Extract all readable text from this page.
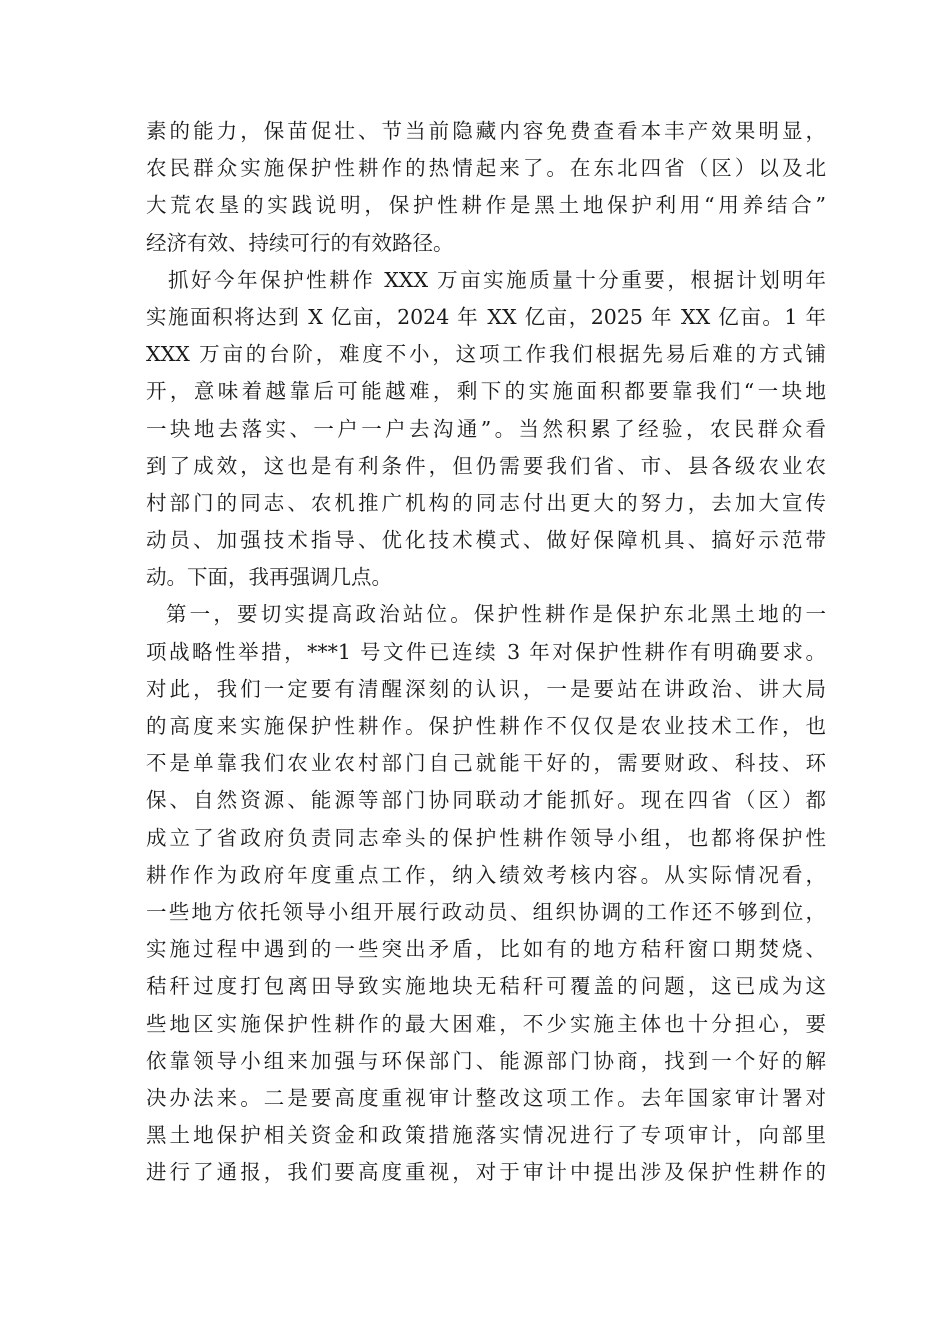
素的能力，保苗促壮、节当前隐藏内容免费查看本丰产效果明显，
农民群众实施保护性耕作的热情起来了。在东北四省（区）以及北
大荒农垦的实践说明，保护性耕作是黑土地保护利用“用养结合”
经济有效、持续可行的有效路径。
抓好今年保护性耕作 XXX 万亩实施质量十分重要，根据计划明年
实施面积将达到 X 亿亩，2024 年 XX 亿亩，2025 年 XX 亿亩。1 年
XXX 万亩的台阶，难度不小，这项工作我们根据先易后难的方式铺
开，意味着越靠后可能越难，剩下的实施面积都要靠我们“一块地
一块地去落实、一户一户去沟通”。当然积累了经验，农民群众看
到了成效，这也是有利条件，但仍需要我们省、市、县各级农业农
村部门的同志、农机推广机构的同志付出更大的努力，去加大宣传
动员、加强技术指导、优化技术模式、做好保障机具、搞好示范带
动。下面，我再强调几点。
第一，要切实提高政治站位。保护性耕作是保护东北黑土地的一
项战略性举措，***1 号文件已连续 3 年对保护性耕作有明确要求。
对此，我们一定要有清醒深刻的认识，一是要站在讲政治、讲大局
的高度来实施保护性耕作。保护性耕作不仅仅是农业技术工作，也
不是单靠我们农业农村部门自己就能干好的，需要财政、科技、环
保、自然资源、能源等部门协同联动才能抓好。现在四省（区）都
成立了省政府负责同志牵头的保护性耕作领导小组，也都将保护性
耕作作为政府年度重点工作，纳入绩效考核内容。从实际情况看，
一些地方依托领导小组开展行政动员、组织协调的工作还不够到位，
实施过程中遇到的一些突出矛盾，比如有的地方秸秆窗口期焚烧、
秸秆过度打包离田导致实施地块无秸秆可覆盖的问题，这已成为这
些地区实施保护性耕作的最大困难，不少实施主体也十分担心，要
依靠领导小组来加强与环保部门、能源部门协商，找到一个好的解
决办法来。二是要高度重视审计整改这项工作。去年国家审计署对
黑土地保护相关资金和政策措施落实情况进行了专项审计，向部里
进行了通报，我们要高度重视，对于审计中提出涉及保护性耕作的
